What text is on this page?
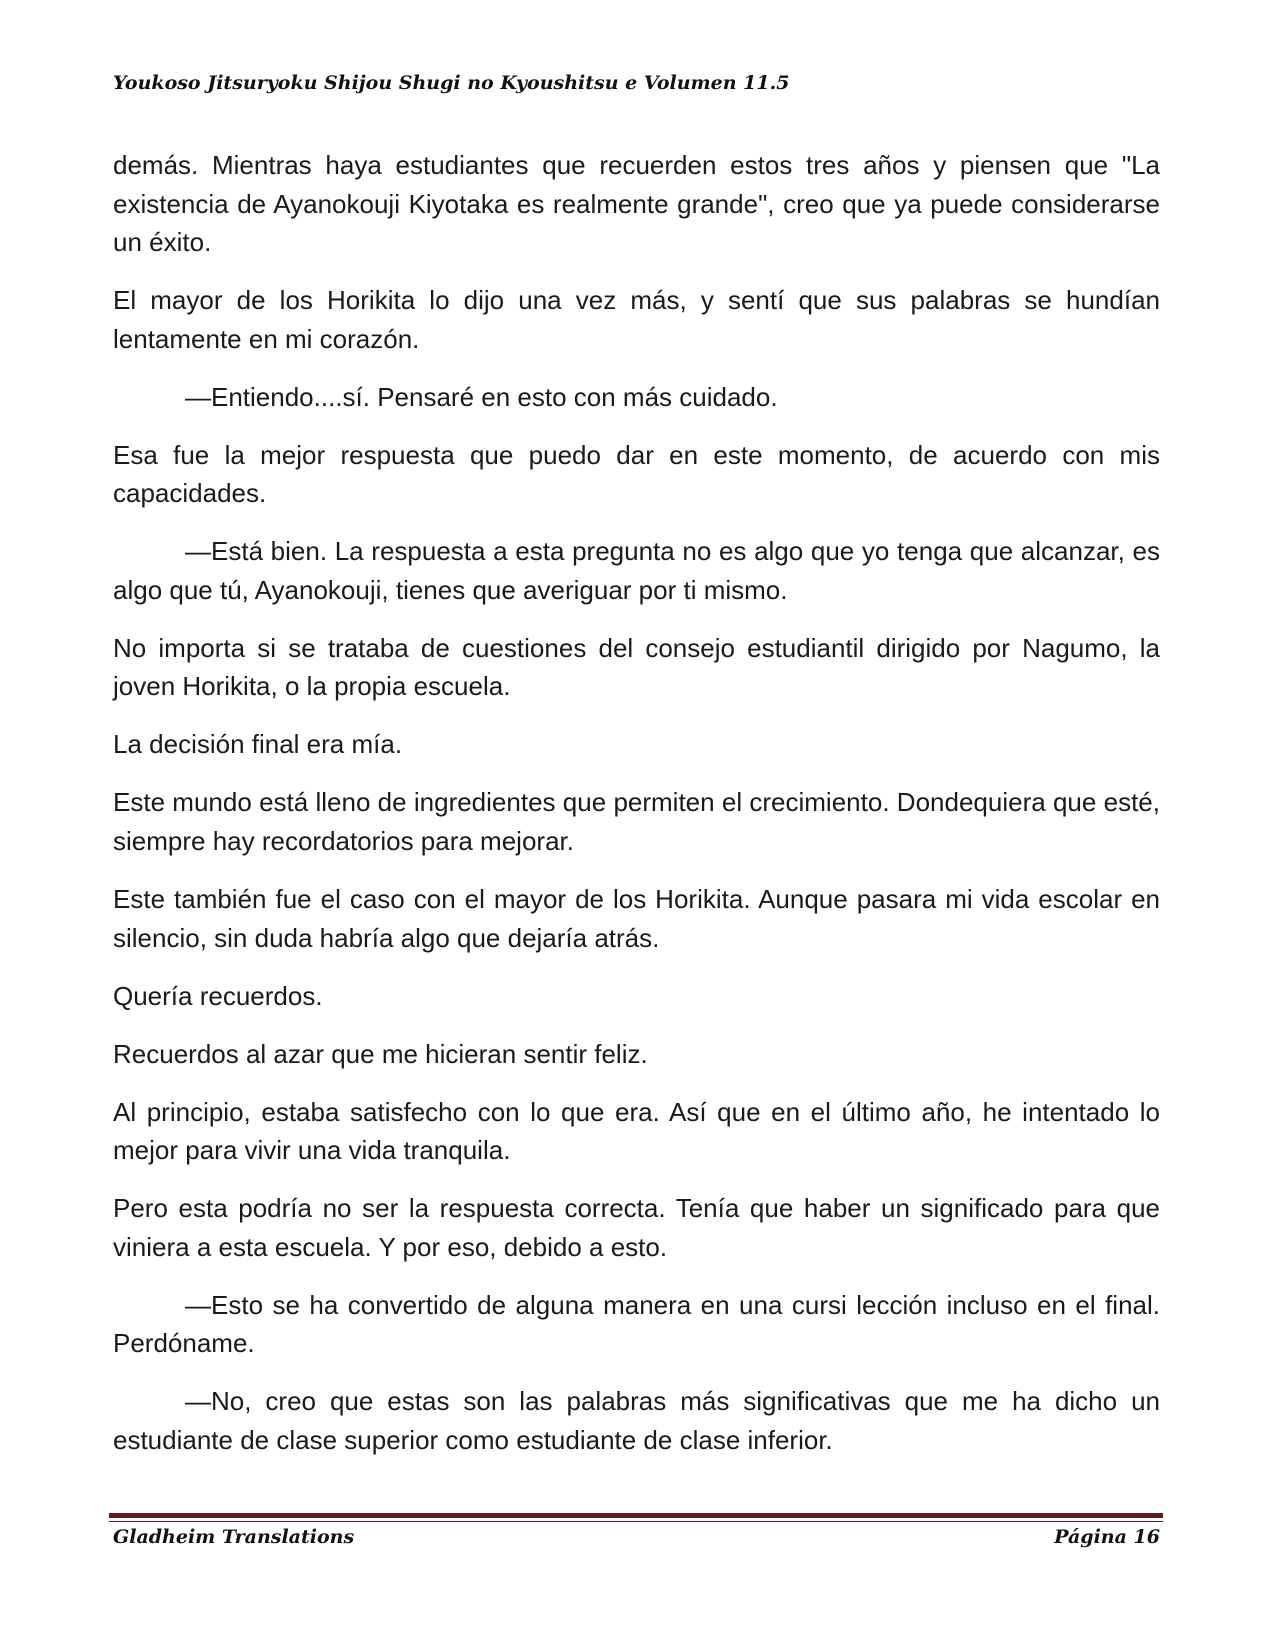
Youkoso Jitsuryoku Shijou Shugi no Kyoushitsu e Volumen 11.5

demás. Mientras haya estudiantes que recuerden estos tres años y piensen que "La existencia de Ayanokouji Kiyotaka es realmente grande", creo que ya puede considerarse un éxito.

El mayor de los Horikita lo dijo una vez más, y sentí que sus palabras se hundían lentamente en mi corazón.

—Entiendo....sí. Pensaré en esto con más cuidado.

Esa fue la mejor respuesta que puedo dar en este momento, de acuerdo con mis capacidades.

—Está bien. La respuesta a esta pregunta no es algo que yo tenga que alcanzar, es algo que tú, Ayanokouji, tienes que averiguar por ti mismo.

No importa si se trataba de cuestiones del consejo estudiantil dirigido por Nagumo, la joven Horikita, o la propia escuela.

La decisión final era mía.

Este mundo está lleno de ingredientes que permiten el crecimiento. Dondequiera que esté, siempre hay recordatorios para mejorar.

Este también fue el caso con el mayor de los Horikita. Aunque pasara mi vida escolar en silencio, sin duda habría algo que dejaría atrás.

Quería recuerdos.

Recuerdos al azar que me hicieran sentir feliz.

Al principio, estaba satisfecho con lo que era. Así que en el último año, he intentado lo mejor para vivir una vida tranquila.

Pero esta podría no ser la respuesta correcta. Tenía que haber un significado para que viniera a esta escuela. Y por eso, debido a esto.

—Esto se ha convertido de alguna manera en una cursi lección incluso en el final. Perdóname.

—No, creo que estas son las palabras más significativas que me ha dicho un estudiante de clase superior como estudiante de clase inferior.

Gladheim Translations	Página 16
